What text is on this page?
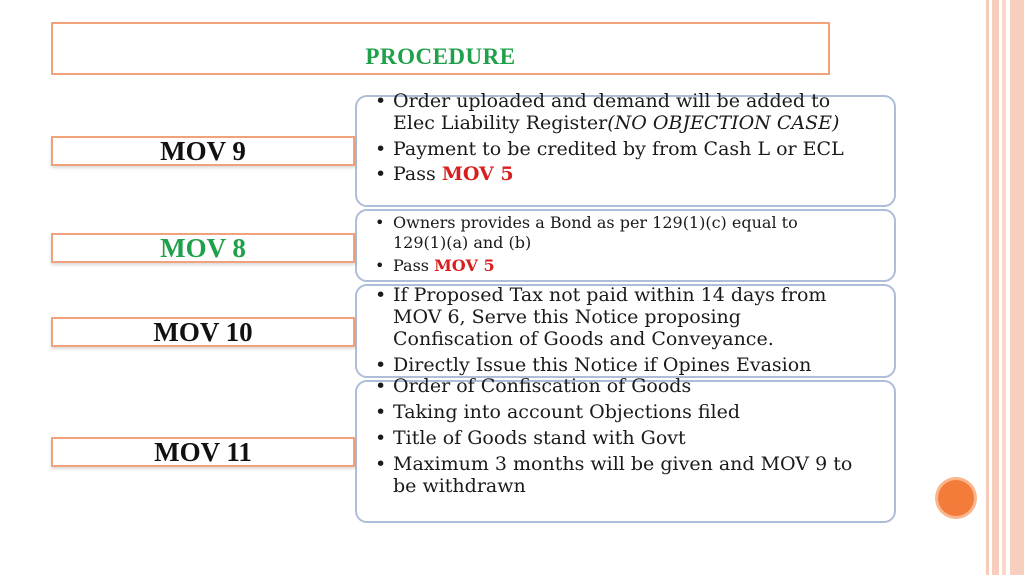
PROCEDURE
MOV 9
MOV 8
MOV 10
MOV 11
• Order uploaded and demand will be added to Elec Liability Register(NO OBJECTION CASE)
• Payment to be credited by from Cash L or ECL
• Pass MOV 5
• Owners provides a Bond as per 129(1)(c) equal to 129(1)(a) and (b)
• Pass MOV 5
• If Proposed Tax not paid within 14 days from MOV 6, Serve this Notice proposing Confiscation of Goods and Conveyance.
• Directly Issue this Notice if Opines Evasion
• Order of Confiscation of Goods
• Taking into account Objections filed
• Title of Goods stand with Govt
• Maximum 3 months will be given and MOV 9 to be withdrawn
